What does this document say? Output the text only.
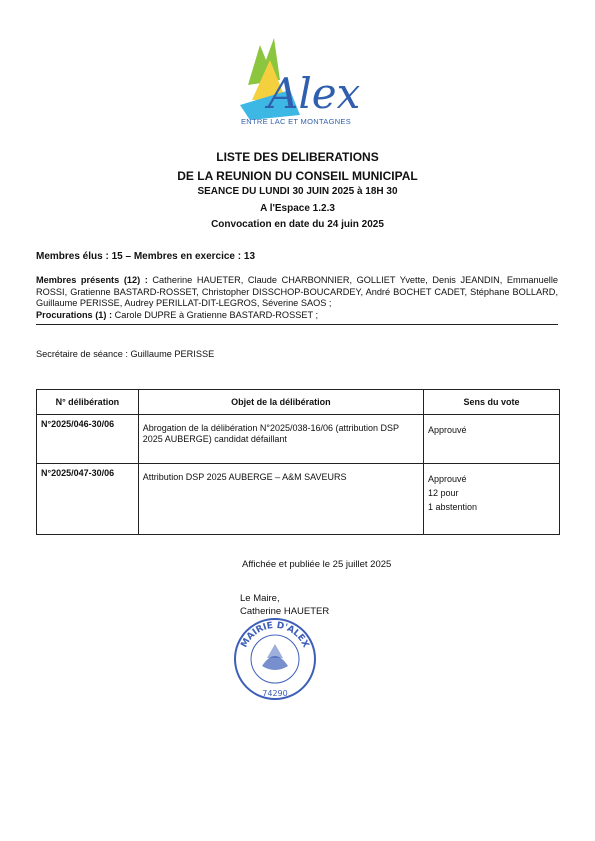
Alex
ENTRE LAC ET MONTAGNES
LISTE DES DELIBERATIONS
DE LA REUNION DU CONSEIL MUNICIPAL
SEANCE DU LUNDI 30 JUIN 2025 à 18H 30
A l'Espace 1.2.3
Convocation en date du 24 juin 2025
Membres élus : 15 – Membres en exercice : 13
Membres présents (12) : Catherine HAUETER, Claude CHARBONNIER, GOLLIET Yvette, Denis JEANDIN, Emmanuelle ROSSI, Gratienne BASTARD-ROSSET, Christopher DISSCHOP-BOUCARDEY, André BOCHET CADET, Stéphane BOLLARD, Guillaume PERISSE, Audrey PERILLAT-DIT-LEGROS, Séverine SAOS ;
Procurations (1) : Carole DUPRE à Gratienne BASTARD-ROSSET ;
Secrétaire de séance : Guillaume PERISSE
N° délibération	Objet de la délibération	Sens du vote
N°2025/046-30/06	Abrogation de la délibération N°2025/038-16/06 (attribution DSP 2025 AUBERGE) candidat défaillant	Approuvé

N°2025/047-30/06	Attribution DSP 2025 AUBERGE – A&M SAVEURS	Approuvé
12 pour
1 abstention
Affichée et publiée le 25 juillet 2025
Le Maire,
Catherine HAUETER
MAIRIE D'ALEX
74290
